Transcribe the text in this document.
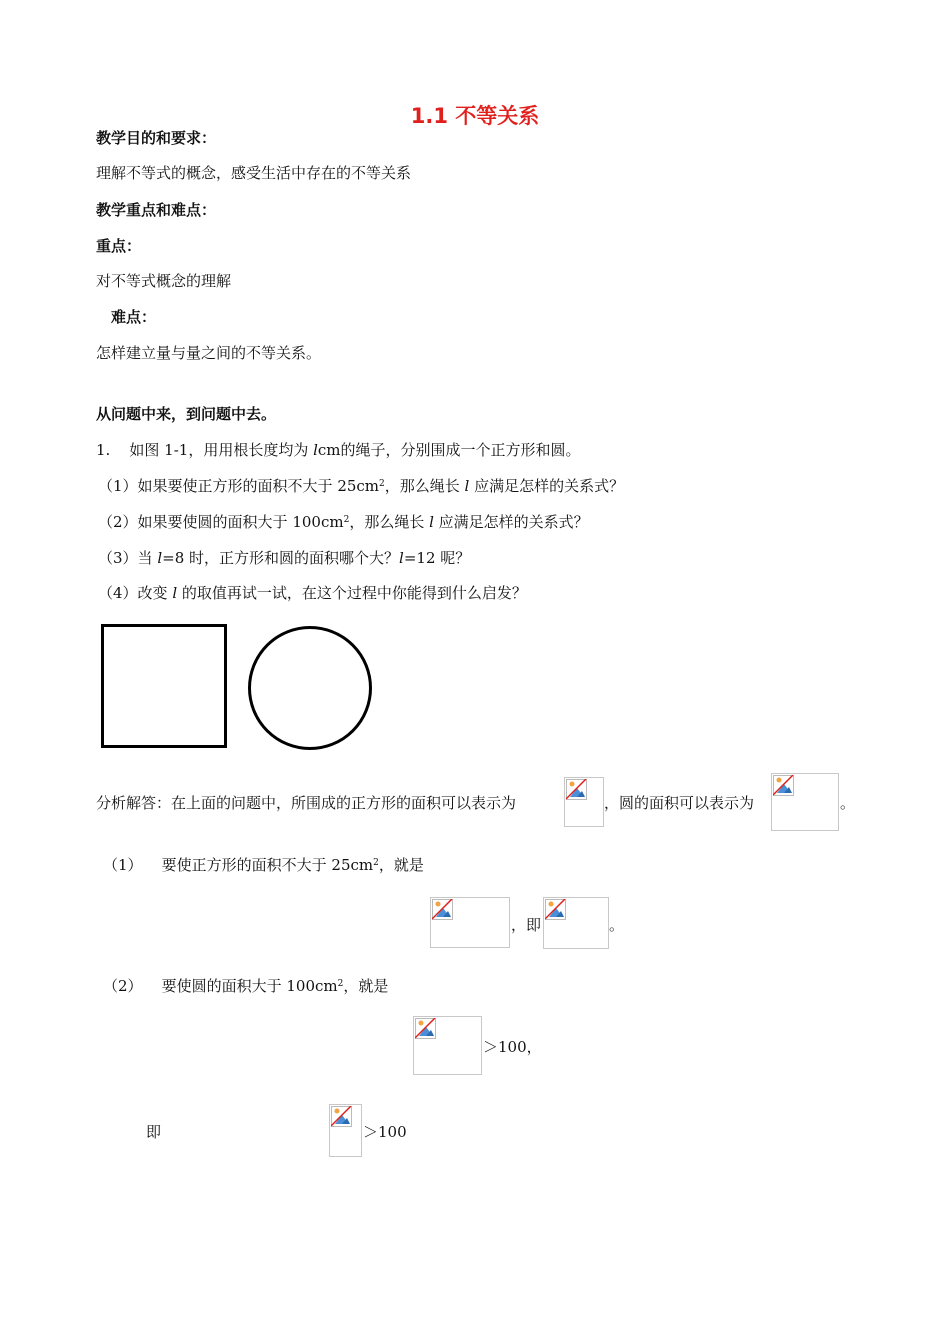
1.1 不等关系
教学目的和要求：
理解不等式的概念，感受生活中存在的不等关系
教学重点和难点：
重点：
对不等式概念的理解
难点：
怎样建立量与量之间的不等关系。
从问题中来，到问题中去。
1. 如图 1-1，用用根长度均为 lcm的绳子，分别围成一个正方形和圆。
（1）如果要使正方形的面积不大于 $25cm^2$，那么绳长 l 应满足怎样的关系式？
（2）如果要使圆的面积大于 $100cm^2$，那么绳长 l 应满足怎样的关系式？
（3）当 l=8 时，正方形和圆的面积哪个大？l=12 呢？
（4）改变 l 的取值再试一试，在这个过程中你能得到什么启发？
分析解答：在上面的问题中，所围成的正方形的面积可以表示为	，圆的面积可以表示为	。
（1） 要使正方形的面积不大于 $25cm^2$，就是
，即	。
（2） 要使圆的面积大于 $100cm^2$，就是
＞100，
即	＞100
